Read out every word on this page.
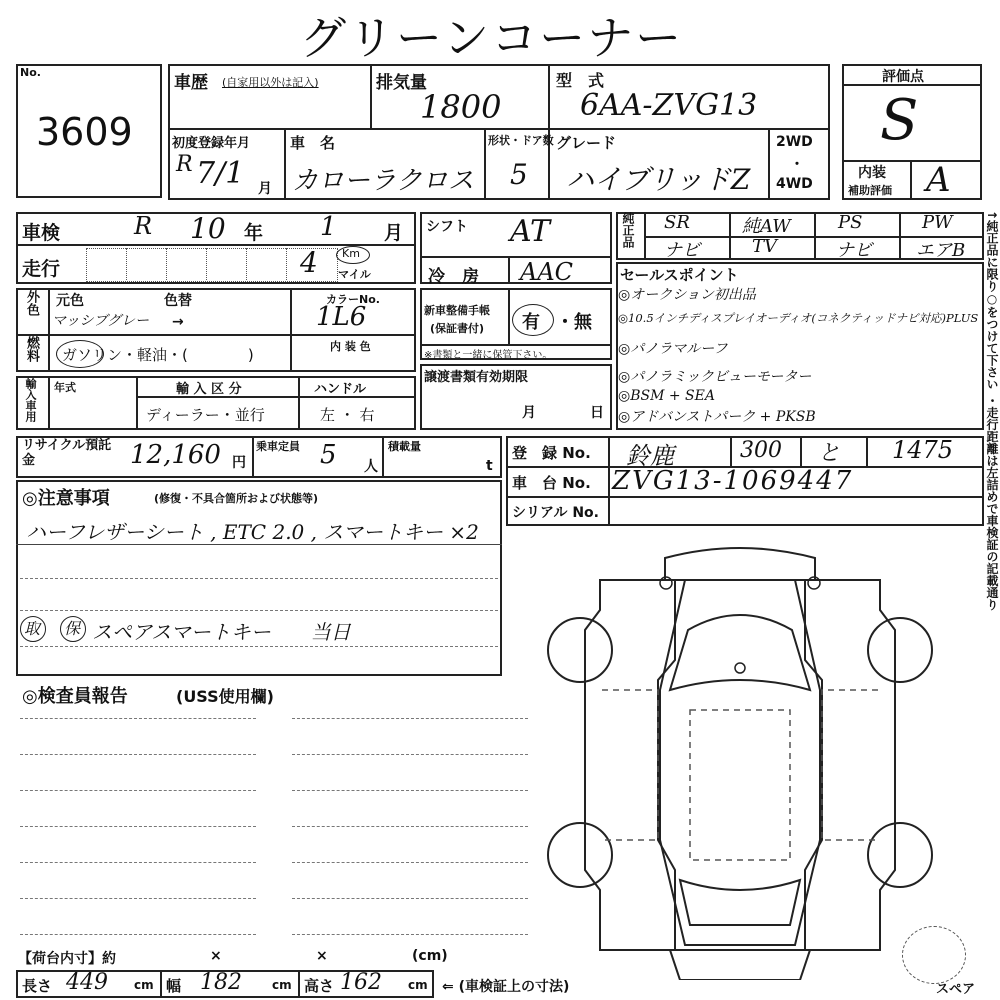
グリーンコーナー
No.
3609
車歴 (自家用以外は記入)	排気量
1800
型　式
6AA-ZVG13
初度登録年月
R 7/1 月
車　名
カローラクロス
形状・ドア数
5
グレード
ハイブリッドZ
2WD
・
4WD
評価点
S
内装
補助評価 A
車検	R 10 年 1 月
走行	4 Km
マイル
シフト AT
冷　房 AAC
純正品 SR	純AW	PS	PW
ナビ	TV	ナビ エアB
外色 元色	色替
マッシブグレー →
カラーNo.
1L6
燃料 ガソリン・軽油・(　　　　)	内 装 色
新車整備手帳
(保証書付) 有 ・ 無
※書類と一緒に保管下さい。
輸入車用 年式	輸 入 区 分
ディーラー・並行
ハンドル
左 ・ 右
譲渡書類有効期限
月	日
セールスポイント
◎オークション初出品
◎10.5インチディスプレイオーディオ(コネクティッドナビ対応)PLUS
◎パノラマルーフ
◎パノラミックビューモーター
◎BSM + SEA
◎アドバンストパーク + PKSB
リサイクル預託金	12,160 円
乗車定員 5 人
積載量
t
登　録 No. 鈴鹿	300 と 1475
車　台 No. ZVG13-1069447
シリアル No.
◎注意事項	(修復・不具合箇所および状態等)
ハーフレザーシート , ETC 2.0 , スマートキー ×2
取 保 スペアスマートキー　　当日
◎検査員報告	(USS使用欄)
【荷台内寸】約	×	×	(cm)
長さ 449 cm 幅 182	cm 高さ 162 cm ⇐ (車検証上の寸法)	スペア
↑純正品に限り○をつけて下さい ・走行距離は左詰めで車検証の記載通り
